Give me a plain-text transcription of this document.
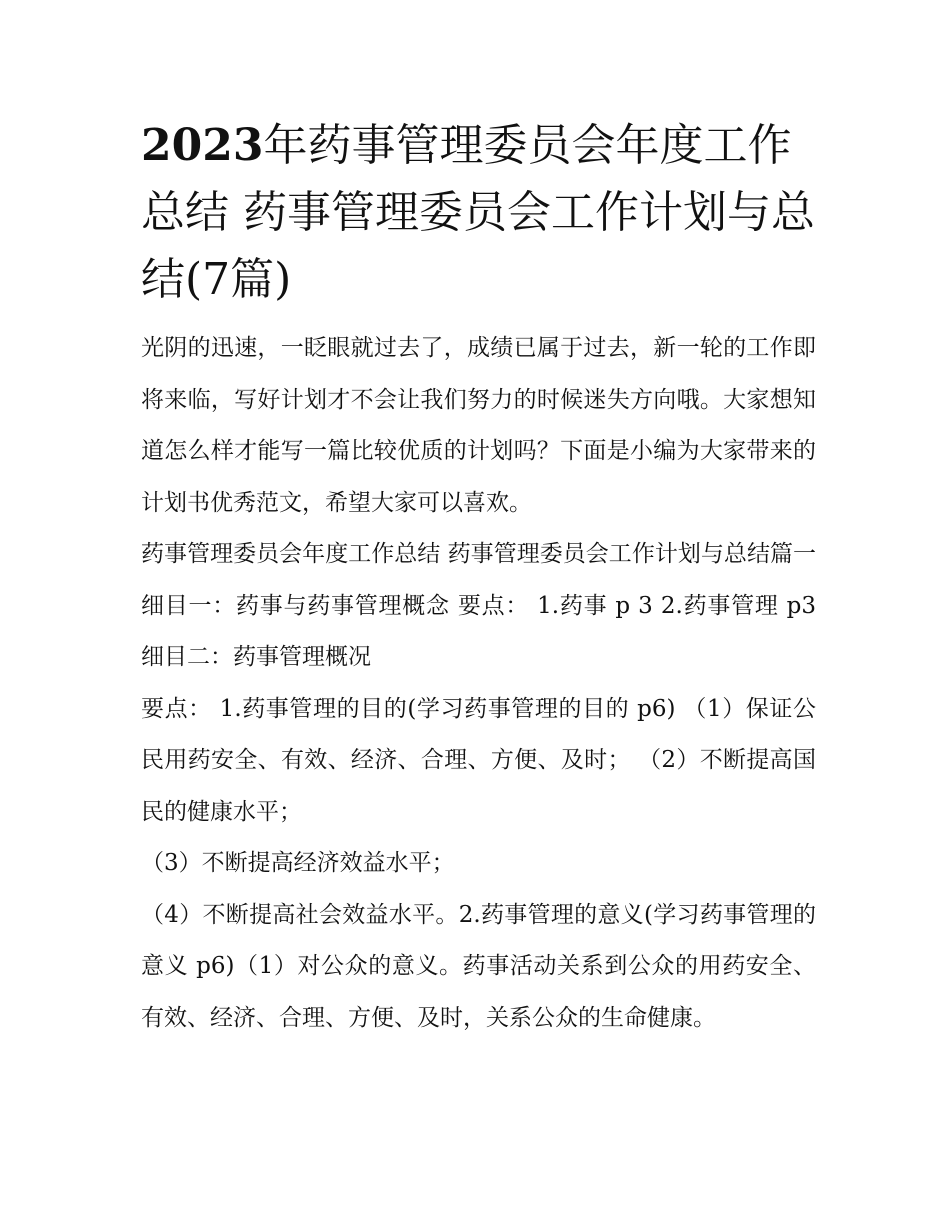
2023年药事管理委员会年度工作总结 药事管理委员会工作计划与总结(7篇)

光阴的迅速，一眨眼就过去了，成绩已属于过去，新一轮的工作即将来临，写好计划才不会让我们努力的时候迷失方向哦。大家想知道怎么样才能写一篇比较优质的计划吗？下面是小编为大家带来的计划书优秀范文，希望大家可以喜欢。

药事管理委员会年度工作总结 药事管理委员会工作计划与总结篇一 细目一：药事与药事管理概念 要点： 1.药事 p 3 2.药事管理 p3 细目二：药事管理概况

要点： 1.药事管理的目的(学习药事管理的目的 p6) （1）保证公民用药安全、有效、经济、合理、方便、及时； （2）不断提高国民的健康水平；

（3）不断提高经济效益水平；

（4）不断提高社会效益水平。2.药事管理的意义(学习药事管理的意义 p6)（1）对公众的意义。药事活动关系到公众的用药安全、有效、经济、合理、方便、及时，关系公众的生命健康。
